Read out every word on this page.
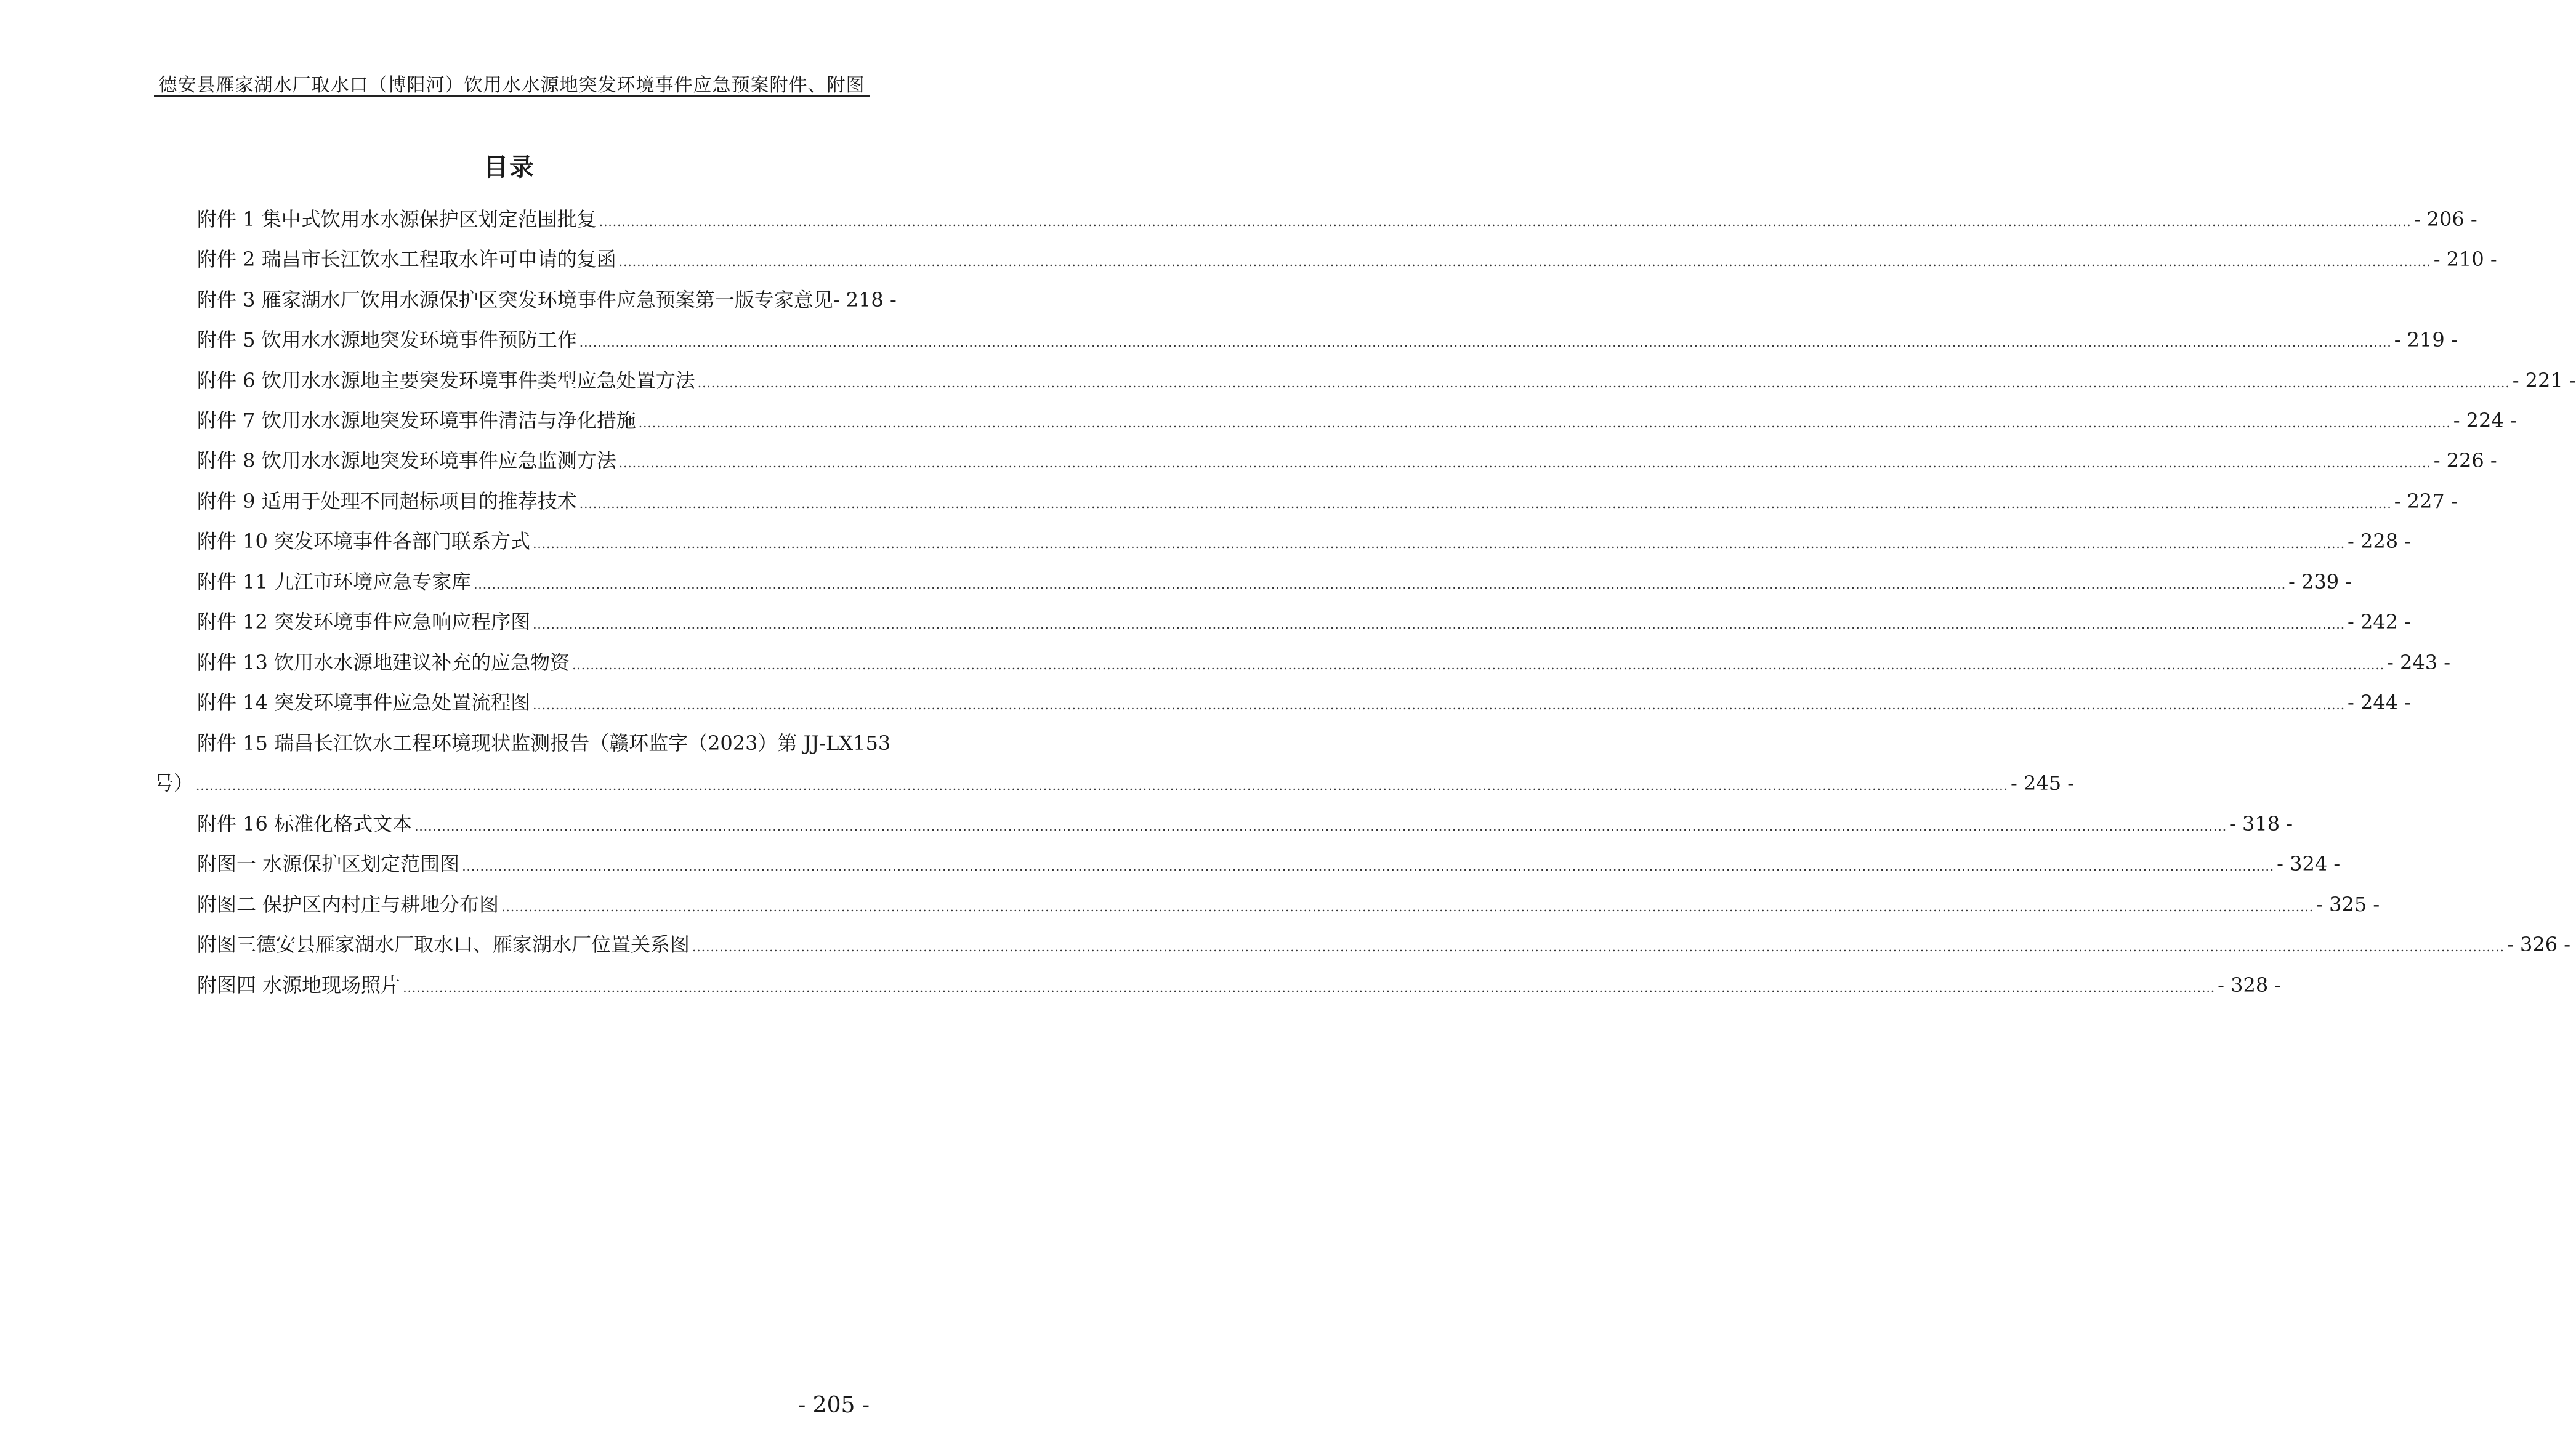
德安县雁家湖水厂取水口（博阳河）饮用水水源地突发环境事件应急预案附件、附图
目录
附件 1 集中式饮用水水源保护区划定范围批复 ................................................................................................................................................................................................................................................................................................................................................................................................................ - 206 -
附件 2 瑞昌市长江饮水工程取水许可申请的复函 ................................................................................................................................................................................................................................................................................................................................................................................................................ - 210 -
附件 3 雁家湖水厂饮用水源保护区突发环境事件应急预案第一版专家意见 - 218 -
附件 5 饮用水水源地突发环境事件预防工作 ................................................................................................................................................................................................................................................................................................................................................................................................................ - 219 -
附件 6 饮用水水源地主要突发环境事件类型应急处置方法 ................................................................................................................................................................................................................................................................................................................................................................................................................ - 221 -
附件 7 饮用水水源地突发环境事件清洁与净化措施 ................................................................................................................................................................................................................................................................................................................................................................................................................ - 224 -
附件 8 饮用水水源地突发环境事件应急监测方法 ................................................................................................................................................................................................................................................................................................................................................................................................................ - 226 -
附件 9 适用于处理不同超标项目的推荐技术 ................................................................................................................................................................................................................................................................................................................................................................................................................ - 227 -
附件 10 突发环境事件各部门联系方式 ................................................................................................................................................................................................................................................................................................................................................................................................................ - 228 -
附件 11 九江市环境应急专家库 ................................................................................................................................................................................................................................................................................................................................................................................................................ - 239 -
附件 12 突发环境事件应急响应程序图 ................................................................................................................................................................................................................................................................................................................................................................................................................ - 242 -
附件 13 饮用水水源地建议补充的应急物资 ................................................................................................................................................................................................................................................................................................................................................................................................................ - 243 -
附件 14 突发环境事件应急处置流程图 ................................................................................................................................................................................................................................................................................................................................................................................................................ - 244 -
附件 15 瑞昌长江饮水工程环境现状监测报告（赣环监字（2023）第 JJ-LX153
号） ................................................................................................................................................................................................................................................................................................................................................................................................................ - 245 -
附件 16 标准化格式文本 ................................................................................................................................................................................................................................................................................................................................................................................................................ - 318 -
附图一 水源保护区划定范围图 ................................................................................................................................................................................................................................................................................................................................................................................................................ - 324 -
附图二 保护区内村庄与耕地分布图 ................................................................................................................................................................................................................................................................................................................................................................................................................ - 325 -
附图三德安县雁家湖水厂取水口、雁家湖水厂位置关系图 ................................................................................................................................................................................................................................................................................................................................................................................................................ - 326 -
附图四 水源地现场照片 ................................................................................................................................................................................................................................................................................................................................................................................................................ - 328 -
- 205 -
